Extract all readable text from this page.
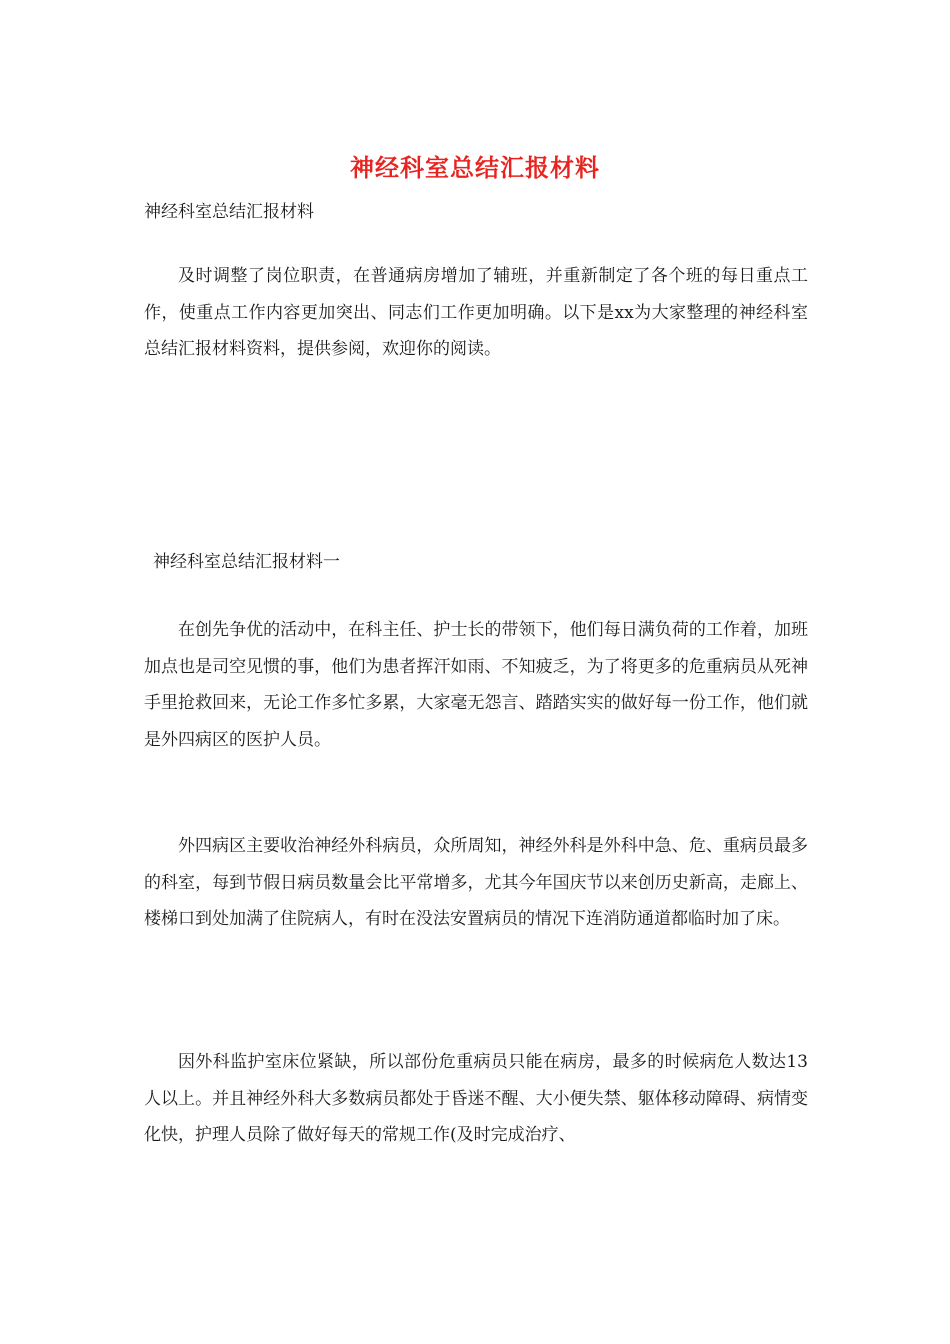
神经科室总结汇报材料
神经科室总结汇报材料
及时调整了岗位职责，在普通病房增加了辅班，并重新制定了各个班的每日重点工作，使重点工作内容更加突出、同志们工作更加明确。以下是xx为大家整理的神经科室总结汇报材料资料，提供参阅，欢迎你的阅读。
神经科室总结汇报材料一
在创先争优的活动中，在科主任、护士长的带领下，他们每日满负荷的工作着，加班加点也是司空见惯的事，他们为患者挥汗如雨、不知疲乏，为了将更多的危重病员从死神手里抢救回来，无论工作多忙多累，大家毫无怨言、踏踏实实的做好每一份工作，他们就是外四病区的医护人员。
外四病区主要收治神经外科病员，众所周知，神经外科是外科中急、危、重病员最多的科室，每到节假日病员数量会比平常增多，尤其今年国庆节以来创历史新高，走廊上、楼梯口到处加满了住院病人，有时在没法安置病员的情况下连消防通道都临时加了床。
因外科监护室床位紧缺，所以部份危重病员只能在病房，最多的时候病危人数达13人以上。并且神经外科大多数病员都处于昏迷不醒、大小便失禁、躯体移动障碍、病情变化快，护理人员除了做好每天的常规工作(及时完成治疗、
